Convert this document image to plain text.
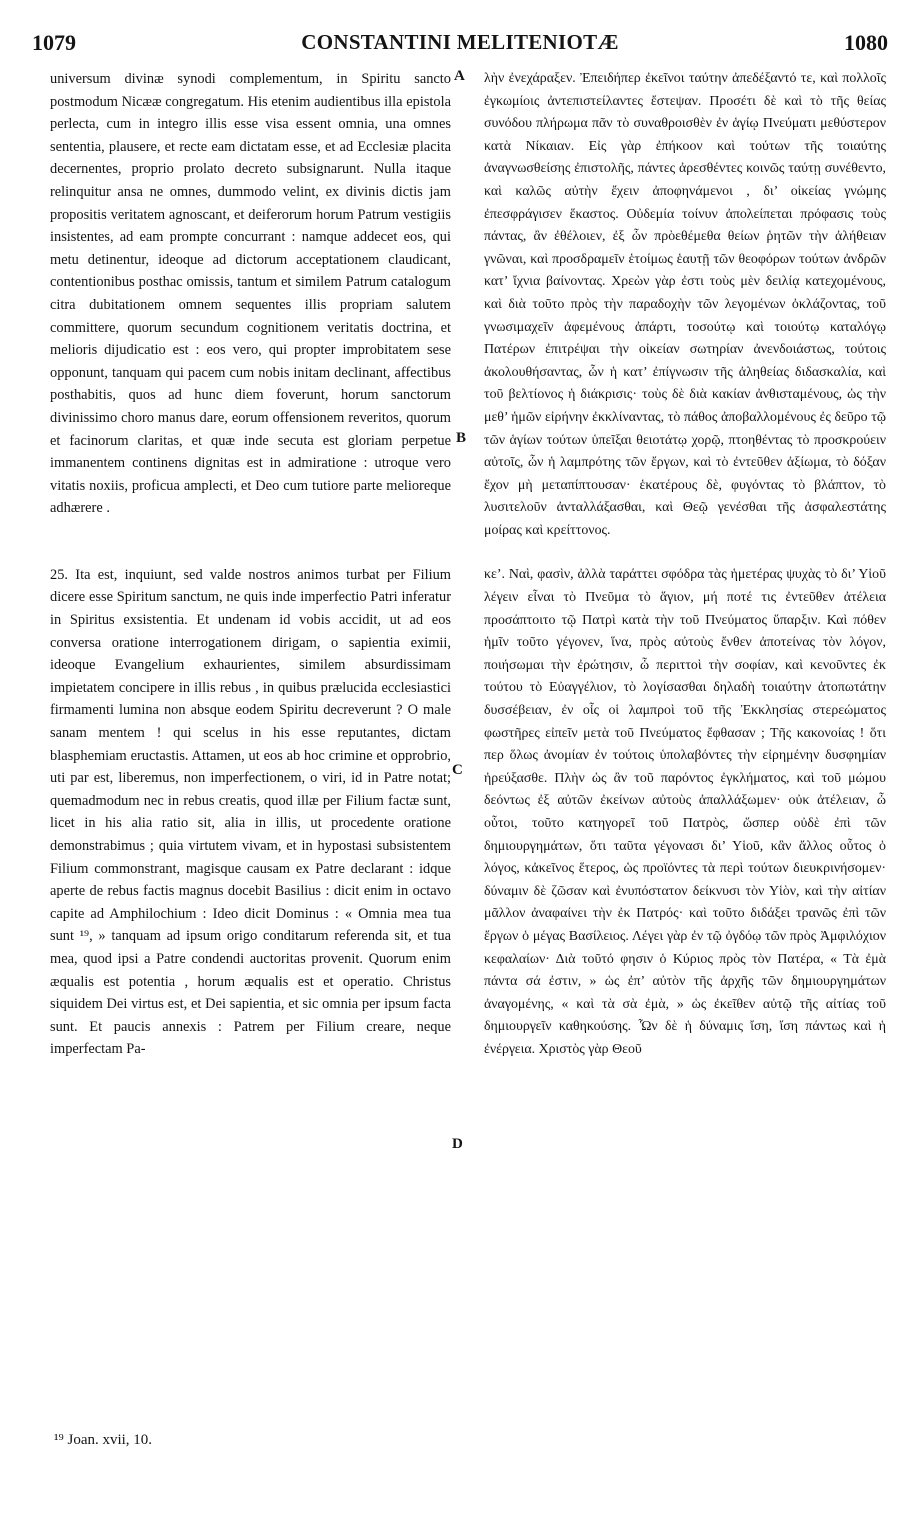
1079	CONSTANTINI MELITENIOTÆ	1080

universum divinæ synodi complementum, in Spiritu sancto postmodum Nicææ congregatum. His etenim audientibus illa epistola perlecta, cum in integro illis esse visa essent omnia, una omnes sententia, plausere, et recte eam dictatam esse, et ad Ecclesiæ placita decernentes, proprio prolato decreto subsignarunt. Nulla itaque relinquitur ansa ne omnes, dummodo velint, ex divinis dictis jam propositis veritatem agnoscant, et deiferorum horum Patrum vestigiis insistentes, ad eam prompte concurrant : namque addecet eos, qui metu detinentur, ideoque ad dictorum acceptationem claudicant, contentionibus posthac omissis, tantum et similem Patrum catalogum citra dubitationem omnem sequentes illis propriam salutem committere, quorum secundum cognitionem veritatis doctrina, et melioris dijudicatio est : eos vero, qui propter improbitatem sese opponunt, tanquam qui pacem cum nobis initam declinant, affectibus posthabitis, quos ad hunc diem foverunt, horum sanctorum divinissimo choro manus dare, eorum offensionem reveritos, quorum et facinorum claritas, et quæ inde secuta est gloriam perpetue immanentem continens dignitas est in admiratione : utroque vero vitatis noxiis, proficua amplecti, et Deo cum tutiore parte melioreque adhærere .

25. Ita est, inquiunt, sed valde nostros animos turbat per Filium dicere esse Spiritum sanctum, ne quis inde imperfectio Patri inferatur in Spiritus exsistentia. Et undenam id vobis accidit, ut ad eos conversa oratione interrogationem dirigam, o sapientia eximii, ideoque Evangelium exhaurientes, similem absurdissimam impietatem concipere in illis rebus , in quibus prælucida ecclesiastici firmamenti lumina non absque eodem Spiritu decreverunt ? O male sanam mentem ! qui scelus in his esse reputantes, dictam blasphemiam eructastis. Attamen, ut eos ab hoc crimine et opprobrio, uti par est, liberemus, non imperfectionem, o viri, id in Patre notat; quemadmodum nec in rebus creatis, quod illæ per Filium factæ sunt, licet in his alia ratio sit, alia in illis, ut procedente oratione demonstrabimus ; quia virtutem vivam, et in hypostasi subsistentem Filium commonstrant, magisque causam ex Patre declarant : idque aperte de rebus factis magnus docebit Basilius : dicit enim in octavo capite ad Amphilochium : Ideo dicit Dominus : « Omnia mea tua sunt ¹⁹, » tanquam ad ipsum origo conditarum referenda sit, et tua mea, quod ipsi a Patre condendi auctoritas provenit. Quorum enim æqualis est potentia , horum æqualis est et operatio. Christus siquidem Dei virtus est, et Dei sapientia, et sic omnia per ipsum facta sunt. Et paucis annexis : Patrem per Filium creare, neque imperfectam Pa-

A
B
C
D

λὴν ἐνεχάραξεν. Ἐπειδήπερ ἐκεῖνοι ταύτην ἀπεδέξαντό τε, καὶ πολλοῖς ἐγκωμίοις ἀντεπιστείλαντες ἔστεψαν. Προσέτι δὲ καὶ τὸ τῆς θείας συνόδου πλήρωμα πᾶν τὸ συναθροισθὲν ἐν ἁγίῳ Πνεύματι μεθύστερον κατὰ Νίκαιαν. Εἰς γὰρ ἐπήκοον καὶ τούτων τῆς τοιαύτης ἀναγνωσθείσης ἐπιστολῆς, πάντες ἀρεσθέντες κοινῶς ταύτῃ συνέθεντο, καὶ καλῶς αὐτὴν ἔχειν ἀποφηνάμενοι , δι’ οἰκείας γνώμης ἐπεσφράγισεν ἕκαστος. Οὐδεμία τοίνυν ἀπολείπεται πρόφασις τοὺς πάντας, ἂν ἐθέλοιεν, ἐξ ὧν πρὸεθέμεθα θείων ῥητῶν τὴν ἀλήθειαν γνῶναι, καὶ προσδραμεῖν ἑτοίμως ἑαυτῇ τῶν θεοφόρων τούτων ἀνδρῶν κατ’ ἴχνια βαίνοντας. Χρεὼν γὰρ ἐστι τοὺς μὲν δειλίᾳ κατεχομένους, καὶ διὰ τοῦτο πρὸς τὴν παραδοχὴν τῶν λεγομένων ὀκλάζοντας, τοῦ γνωσιμαχεῖν ἀφεμένους ἀπάρτι, τοσούτῳ καὶ τοιούτῳ καταλόγῳ Πατέρων ἐπιτρέψαι τὴν οἰκείαν σωτηρίαν ἀνενδοιάστως, τούτοις ἀκολουθήσαντας, ὧν ἡ κατ’ ἐπίγνωσιν τῆς ἀληθείας διδασκαλία, καὶ τοῦ βελτίονος ἡ διάκρισις· τοὺς δὲ διὰ κακίαν ἀνθισταμένους, ὡς τὴν μεθ’ ἡμῶν εἰρήνην ἐκκλίναντας, τὸ πάθος ἀποβαλλομένους ἐς δεῦρο τῷ τῶν ἁγίων τούτων ὑπεῖξαι θειοτάτῳ χορῷ, πτοηθέντας τὸ προσκρούειν αὐτοῖς, ὧν ἡ λαμπρότης τῶν ἔργων, καὶ τὸ ἐντεῦθεν ἀξίωμα, τὸ δόξαν ἔχον μὴ μεταπίπτουσαν· ἑκατέρους δὲ, φυγόντας τὸ βλάπτον, τὸ λυσιτελοῦν ἀνταλλάξασθαι, καὶ Θεῷ γενέσθαι τῆς ἀσφαλεστάτης μοίρας καὶ κρείττονος.

κε’. Ναὶ, φασὶν, ἀλλὰ ταράττει σφόδρα τὰς ἡμετέρας ψυχὰς τὸ δι’ Υἱοῦ λέγειν εἶναι τὸ Πνεῦμα τὸ ἅγιον, μή ποτέ τις ἐντεῦθεν ἀτέλεια προσάπτοιτο τῷ Πατρὶ κατὰ τὴν τοῦ Πνεύματος ὕπαρξιν. Καὶ πόθεν ἡμῖν τοῦτο γέγονεν, ἵνα, πρὸς αὐτοὺς ἔνθεν ἀποτείνας τὸν λόγον, ποιήσωμαι τὴν ἐρώτησιν, ὦ περιττοὶ τὴν σοφίαν, καὶ κενοῦντες ἐκ τούτου τὸ Εὐαγγέλιον, τὸ λογίσασθαι δηλαδὴ τοιαύτην ἀτοπωτάτην δυσσέβειαν, ἐν οἷς οἱ λαμπροὶ τοῦ τῆς Ἐκκλησίας στερεώματος φωστῆρες εἰπεῖν μετὰ τοῦ Πνεύματος ἔφθασαν ; Τῆς κακονοίας ! ὅτι περ ὅλως ἀνομίαν ἐν τούτοις ὑπολαβόντες τὴν εἰρημένην δυσφημίαν ἠρεύξασθε. Πλὴν ὡς ἂν τοῦ παρόντος ἐγκλήματος, καὶ τοῦ μώμου δεόντως ἐξ αὐτῶν ἐκείνων αὐτοὺς ἀπαλλάξωμεν· οὐκ ἀτέλειαν, ὦ οὗτοι, τοῦτο κατηγορεῖ τοῦ Πατρὸς, ὥσπερ οὐδὲ ἐπὶ τῶν δημιουργημάτων, ὅτι ταῦτα γέγονασι δι’ Υἱοῦ, κἂν ἄλλος οὗτος ὁ λόγος, κἀκεῖνος ἕτερος, ὡς προϊόντες τὰ περὶ τούτων διευκρινήσομεν· δύναμιν δὲ ζῶσαν καὶ ἐνυπόστατον δείκνυσι τὸν Υἱὸν, καὶ τὴν αἰτίαν μᾶλλον ἀναφαίνει τὴν ἐκ Πατρός· καὶ τοῦτο διδάξει τρανῶς ἐπὶ τῶν ἔργων ὁ μέγας Βασίλειος. Λέγει γὰρ ἐν τῷ ὀγδόῳ τῶν πρὸς Ἀμφιλόχιον κεφαλαίων· Διὰ τοῦτό φησιν ὁ Κύριος πρὸς τὸν Πατέρα, « Τὰ ἐμὰ πάντα σά ἐστιν, » ὡς ἐπ’ αὐτὸν τῆς ἀρχῆς τῶν δημιουργημάτων ἀναγομένης, « καὶ τὰ σὰ ἐμὰ, » ὡς ἐκεῖθεν αὐτῷ τῆς αἰτίας τοῦ δημιουργεῖν καθηκούσης. Ὧν δὲ ἡ δύναμις ἴση, ἴση πάντως καὶ ἡ ἐνέργεια. Χριστὸς γὰρ Θεοῦ

¹⁹ Joan. xvii, 10.
